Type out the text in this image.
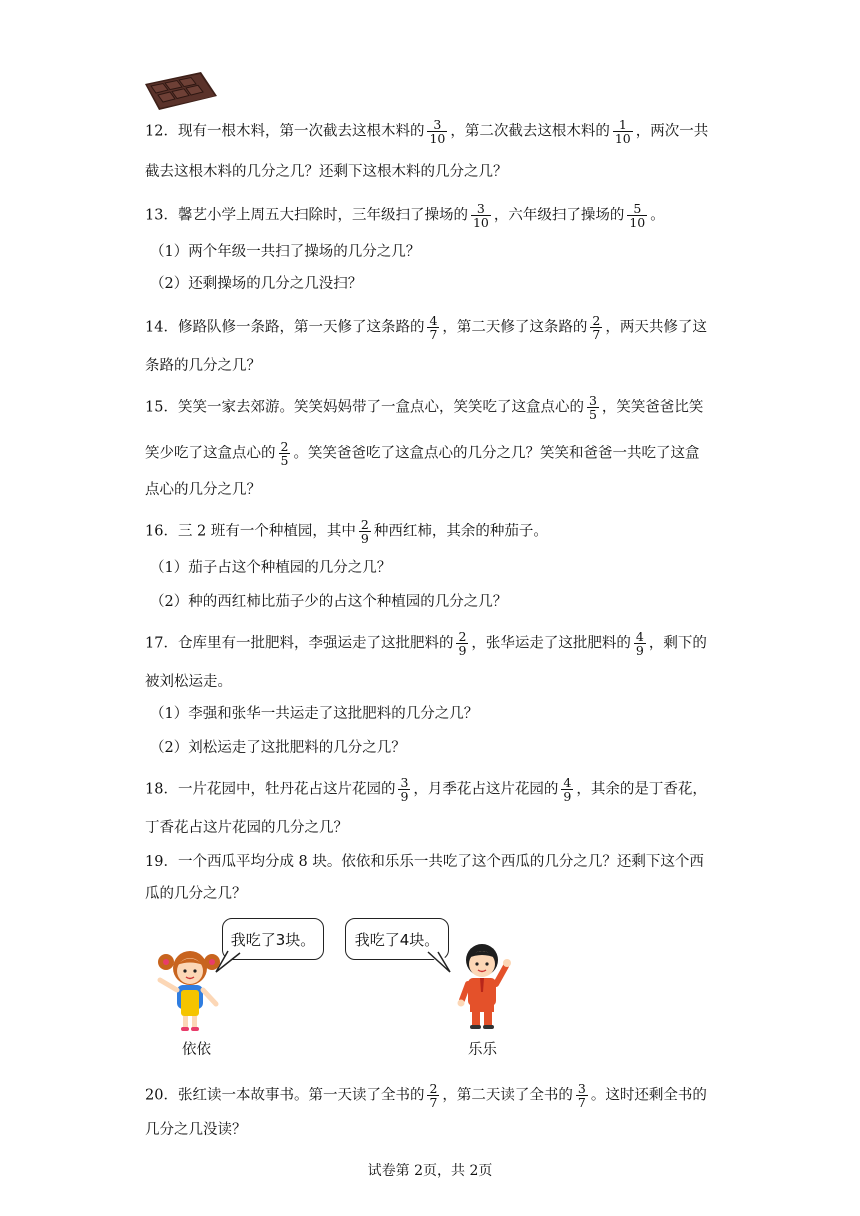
12．现有一根木料，第一次截去这根木料的 $\frac{3}{10}$ ，第二次截去这根木料的 $\frac{1}{10}$ ，两次一共
截去这根木料的几分之几？还剩下这根木料的几分之几？
13．馨艺小学上周五大扫除时，三年级扫了操场的 $\frac{3}{10}$ ，六年级扫了操场的 $\frac{5}{10}$ 。
（1）两个年级一共扫了操场的几分之几？
（2）还剩操场的几分之几没扫？
14．修路队修一条路，第一天修了这条路的 $\frac{4}{7}$ ，第二天修了这条路的 $\frac{2}{7}$ ，两天共修了这
条路的几分之几？
15．笑笑一家去郊游。笑笑妈妈带了一盒点心，笑笑吃了这盒点心的 $\frac{3}{5}$ ，笑笑爸爸比笑
笑少吃了这盒点心的 $\frac{2}{5}$ 。笑笑爸爸吃了这盒点心的几分之几？笑笑和爸爸一共吃了这盒
点心的几分之几？
16．三 2 班有一个种植园，其中 $\frac{2}{9}$ 种西红柿，其余的种茄子。
（1）茄子占这个种植园的几分之几？
（2）种的西红柿比茄子少的占这个种植园的几分之几？
17．仓库里有一批肥料，李强运走了这批肥料的 $\frac{2}{9}$ ，张华运走了这批肥料的 $\frac{4}{9}$ ，剩下的
被刘松运走。
（1）李强和张华一共运走了这批肥料的几分之几？
（2）刘松运走了这批肥料的几分之几？
18．一片花园中，牡丹花占这片花园的 $\frac{3}{9}$ ，月季花占这片花园的 $\frac{4}{9}$ ，其余的是丁香花，
丁香花占这片花园的几分之几？
19．一个西瓜平均分成 8 块。依依和乐乐一共吃了这个西瓜的几分之几？还剩下这个西
瓜的几分之几？
我吃了3块。	我吃了4块。
依依	乐乐
20．张红读一本故事书。第一天读了全书的 $\frac{2}{7}$ ，第二天读了全书的 $\frac{3}{7}$ 。这时还剩全书的
几分之几没读？
试卷第 2页，共 2页
